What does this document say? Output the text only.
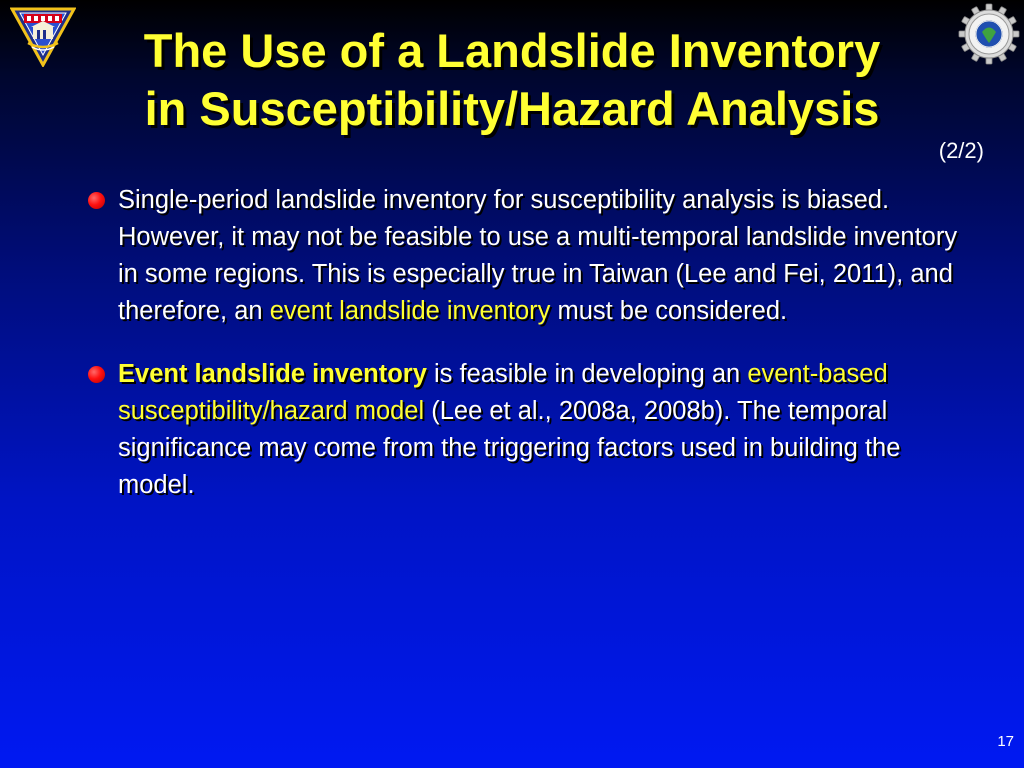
The Use of a Landslide Inventory
in Susceptibility/Hazard Analysis
(2/2)
Single-period landslide inventory for susceptibility analysis is biased. However, it may not be feasible to use a multi-temporal landslide inventory in some regions. This is especially true in Taiwan (Lee and Fei, 2011), and therefore, an event landslide inventory must be considered.
Event landslide inventory is feasible in developing an event-based susceptibility/hazard model (Lee et al., 2008a, 2008b). The temporal significance may come from the triggering factors used in building the model.
17
